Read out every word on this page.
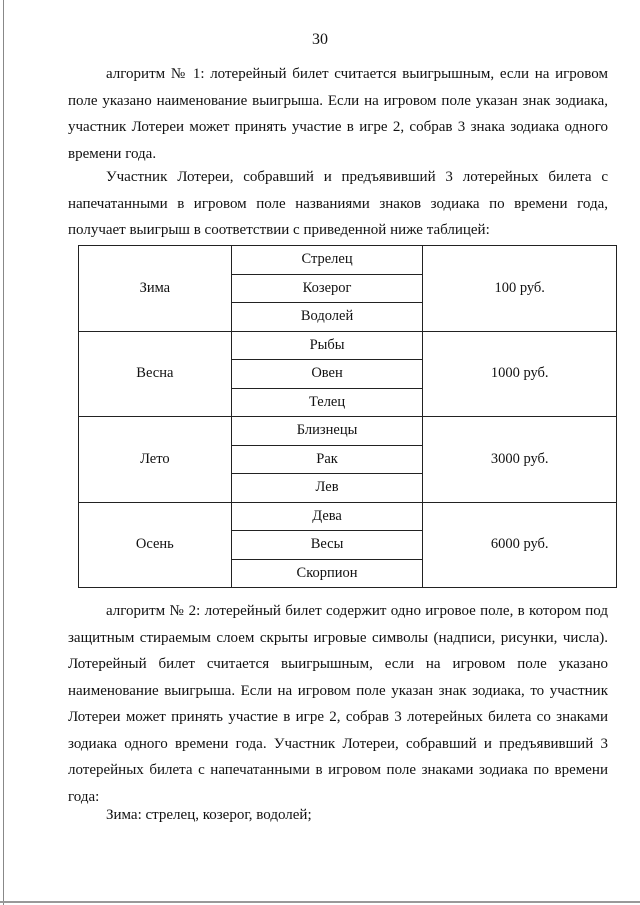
30

алгоритм № 1: лотерейный билет считается выигрышным, если на игровом поле указано наименование выигрыша. Если на игровом поле указан знак зодиака, участник Лотереи может принять участие в игре 2, собрав 3 знака зодиака одного времени года.

Участник Лотереи, собравший и предъявивший 3 лотерейных билета с напечатанными в игровом поле названиями знаков зодиака по времени года, получает выигрыш в соответствии с приведенной ниже таблицей:

Зима	Стрелец	100 руб.
	Козерог	
	Водолей	
Весна	Рыбы	1000 руб.
	Овен	
	Телец	
Лето	Близнецы	3000 руб.
	Рак	
	Лев	
Осень	Дева	6000 руб.
	Весы	
	Скорпион	

алгоритм № 2: лотерейный билет содержит одно игровое поле, в котором под защитным стираемым слоем скрыты игровые символы (надписи, рисунки, числа). Лотерейный билет считается выигрышным, если на игровом поле указано наименование выигрыша. Если на игровом поле указан знак зодиака, то участник Лотереи может принять участие в игре 2, собрав 3 лотерейных билета со знаками зодиака одного времени года. Участник Лотереи, собравший и предъявивший 3 лотерейных билета с напечатанными в игровом поле знаками зодиака по времени года:

Зима: стрелец, козерог, водолей;
